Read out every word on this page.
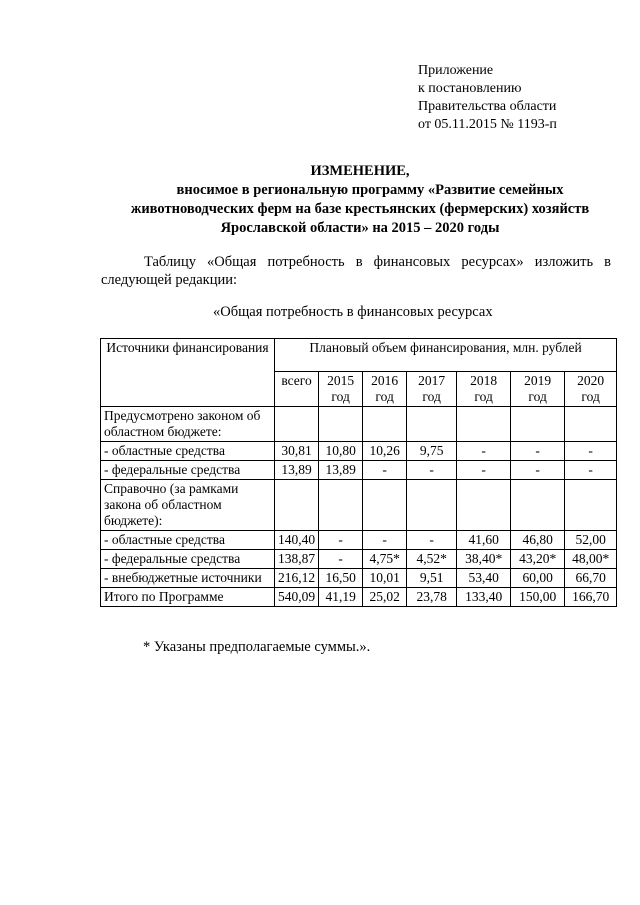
Приложение
к постановлению
Правительства области
от 05.11.2015 № 1193-п
ИЗМЕНЕНИЕ,
вносимое в региональную программу «Развитие семейных
животноводческих ферм на базе крестьянских (фермерских) хозяйств
Ярославской области» на 2015 – 2020 годы
Таблицу «Общая потребность в финансовых ресурсах» изложить в следующей редакции:
«Общая потребность в финансовых ресурсах
Источники финансирования	Плановый объем финансирования, млн. рублей						
	всего	2015 год	2016 год	2017 год	2018 год	2019 год	2020 год
Предусмотрено законом об областном бюджете:							
- областные средства	30,81	10,80	10,26	9,75	-	-	-
- федеральные средства	13,89	13,89	-	-	-	-	-
Справочно (за рамками закона об областном бюджете):							
- областные средства	140,40	-	-	-	41,60	46,80	52,00
- федеральные средства	138,87	-	4,75*	4,52*	38,40*	43,20*	48,00*
- внебюджетные источники	216,12	16,50	10,01	9,51	53,40	60,00	66,70
Итого по Программе	540,09	41,19	25,02	23,78	133,40	150,00	166,70
* Указаны предполагаемые суммы.».
